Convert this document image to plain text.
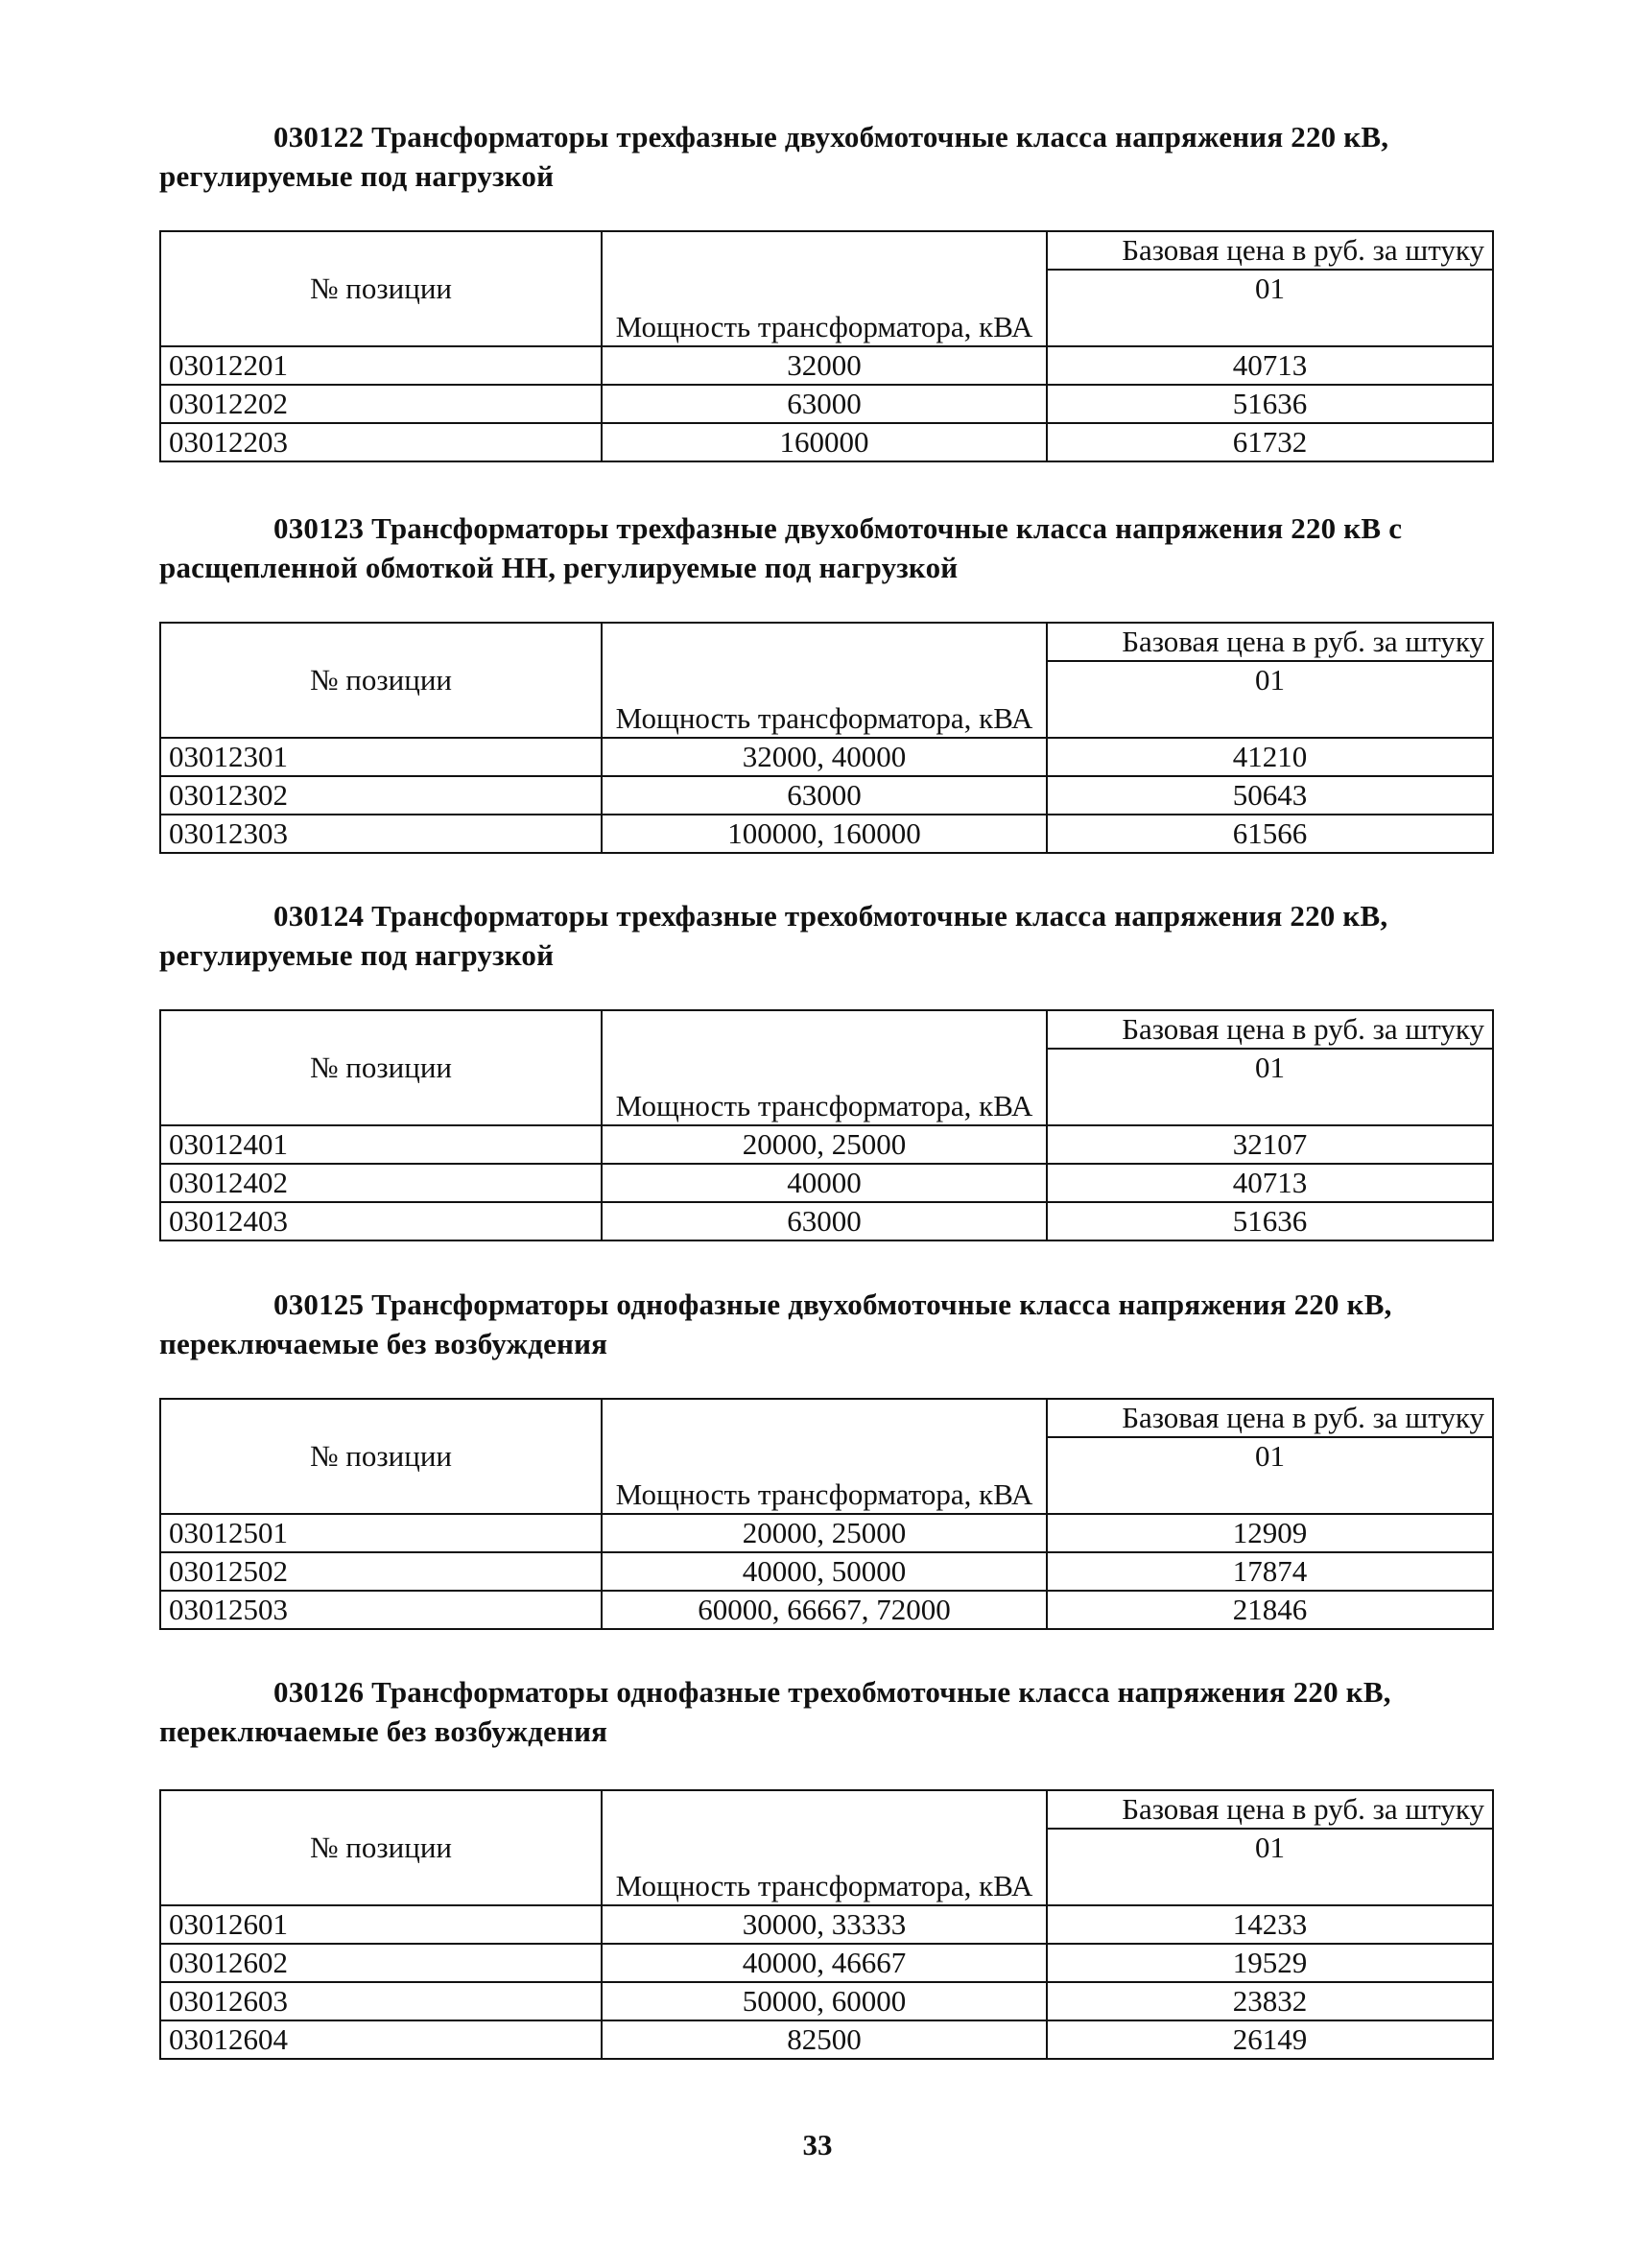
030122 Трансформаторы трехфазные двухобмоточные класса напряжения 220 кВ, регулируемые под нагрузкой

№ позиции	Мощность трансформатора, кВА	Базовая цена в руб. за штуку
		01
03012201	32000	40713
03012202	63000	51636
03012203	160000	61732

030123 Трансформаторы трехфазные двухобмоточные класса напряжения 220 кВ с расщепленной обмоткой НН, регулируемые под нагрузкой

№ позиции	Мощность трансформатора, кВА	Базовая цена в руб. за штуку
		01
03012301	32000, 40000	41210
03012302	63000	50643
03012303	100000, 160000	61566

030124 Трансформаторы трехфазные трехобмоточные класса напряжения 220 кВ, регулируемые под нагрузкой

№ позиции	Мощность трансформатора, кВА	Базовая цена в руб. за штуку
		01
03012401	20000, 25000	32107
03012402	40000	40713
03012403	63000	51636

030125 Трансформаторы однофазные двухобмоточные класса напряжения 220 кВ, переключаемые без возбуждения

№ позиции	Мощность трансформатора, кВА	Базовая цена в руб. за штуку
		01
03012501	20000, 25000	12909
03012502	40000, 50000	17874
03012503	60000, 66667, 72000	21846

030126 Трансформаторы однофазные трехобмоточные класса напряжения 220 кВ, переключаемые без возбуждения

№ позиции	Мощность трансформатора, кВА	Базовая цена в руб. за штуку
		01
03012601	30000, 33333	14233
03012602	40000, 46667	19529
03012603	50000, 60000	23832
03012604	82500	26149
33
